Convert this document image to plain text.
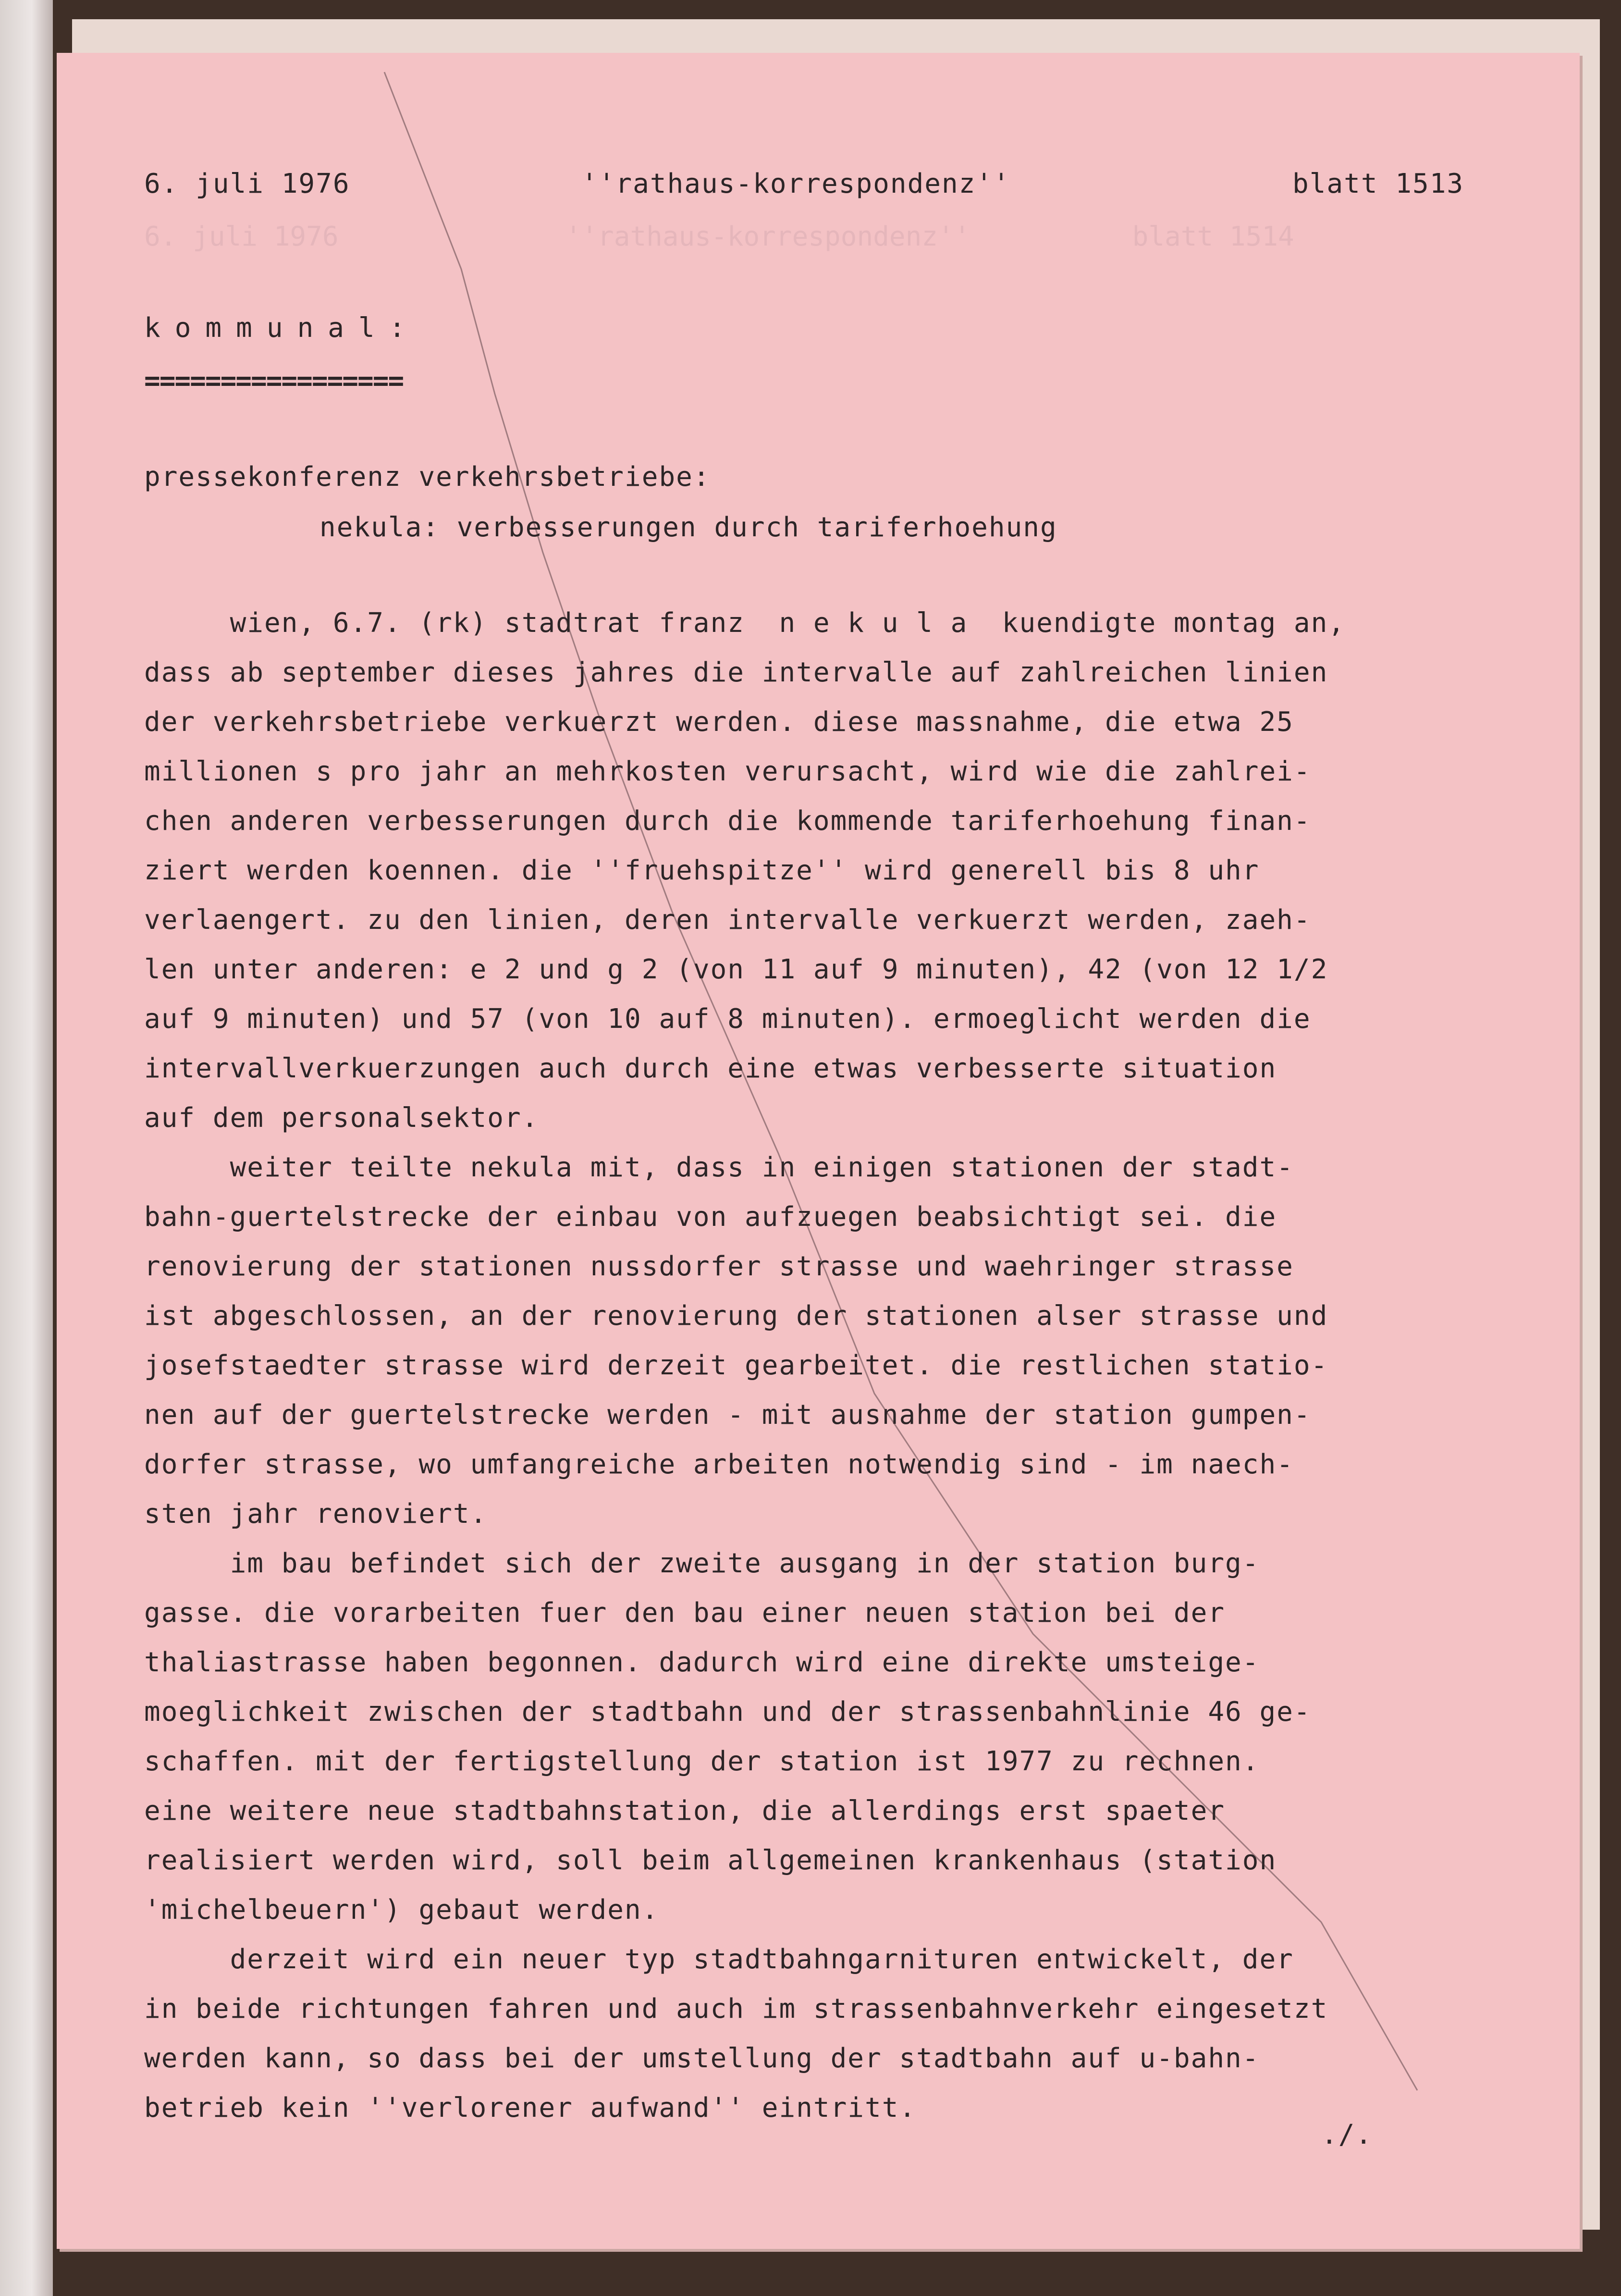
6. juli 1976              ''rathaus-korrespondenz''          blatt 1514
6. juli 1976	''rathaus-korrespondenz''	blatt 1513
kommunal:
=================
pressekonferenz verkehrsbetriebe:
nekula: verbesserungen durch tariferhoehung
wien, 6.7. (rk) stadtrat franz  n e k u l a  kuendigte montag an,
dass ab september dieses jahres die intervalle auf zahlreichen linien
der verkehrsbetriebe verkuerzt werden. diese massnahme, die etwa 25
millionen s pro jahr an mehrkosten verursacht, wird wie die zahlrei-
chen anderen verbesserungen durch die kommende tariferhoehung finan-
ziert werden koennen. die ''fruehspitze'' wird generell bis 8 uhr
verlaengert. zu den linien, deren intervalle verkuerzt werden, zaeh-
len unter anderen: e 2 und g 2 (von 11 auf 9 minuten), 42 (von 12 1/2
auf 9 minuten) und 57 (von 10 auf 8 minuten). ermoeglicht werden die
intervallverkuerzungen auch durch eine etwas verbesserte situation
auf dem personalsektor.
weiter teilte nekula mit, dass in einigen stationen der stadt-
bahn-guertelstrecke der einbau von aufzuegen beabsichtigt sei. die
renovierung der stationen nussdorfer strasse und waehringer strasse
ist abgeschlossen, an der renovierung der stationen alser strasse und
josefstaedter strasse wird derzeit gearbeitet. die restlichen statio-
nen auf der guertelstrecke werden - mit ausnahme der station gumpen-
dorfer strasse, wo umfangreiche arbeiten notwendig sind - im naech-
sten jahr renoviert.
im bau befindet sich der zweite ausgang in der station burg-
gasse. die vorarbeiten fuer den bau einer neuen station bei der
thaliastrasse haben begonnen. dadurch wird eine direkte umsteige-
moeglichkeit zwischen der stadtbahn und der strassenbahnlinie 46 ge-
schaffen. mit der fertigstellung der station ist 1977 zu rechnen.
eine weitere neue stadtbahnstation, die allerdings erst spaeter
realisiert werden wird, soll beim allgemeinen krankenhaus (station
'michelbeuern') gebaut werden.
derzeit wird ein neuer typ stadtbahngarnituren entwickelt, der
in beide richtungen fahren und auch im strassenbahnverkehr eingesetzt
werden kann, so dass bei der umstellung der stadtbahn auf u-bahn-
betrieb kein ''verlorener aufwand'' eintritt.
./.
